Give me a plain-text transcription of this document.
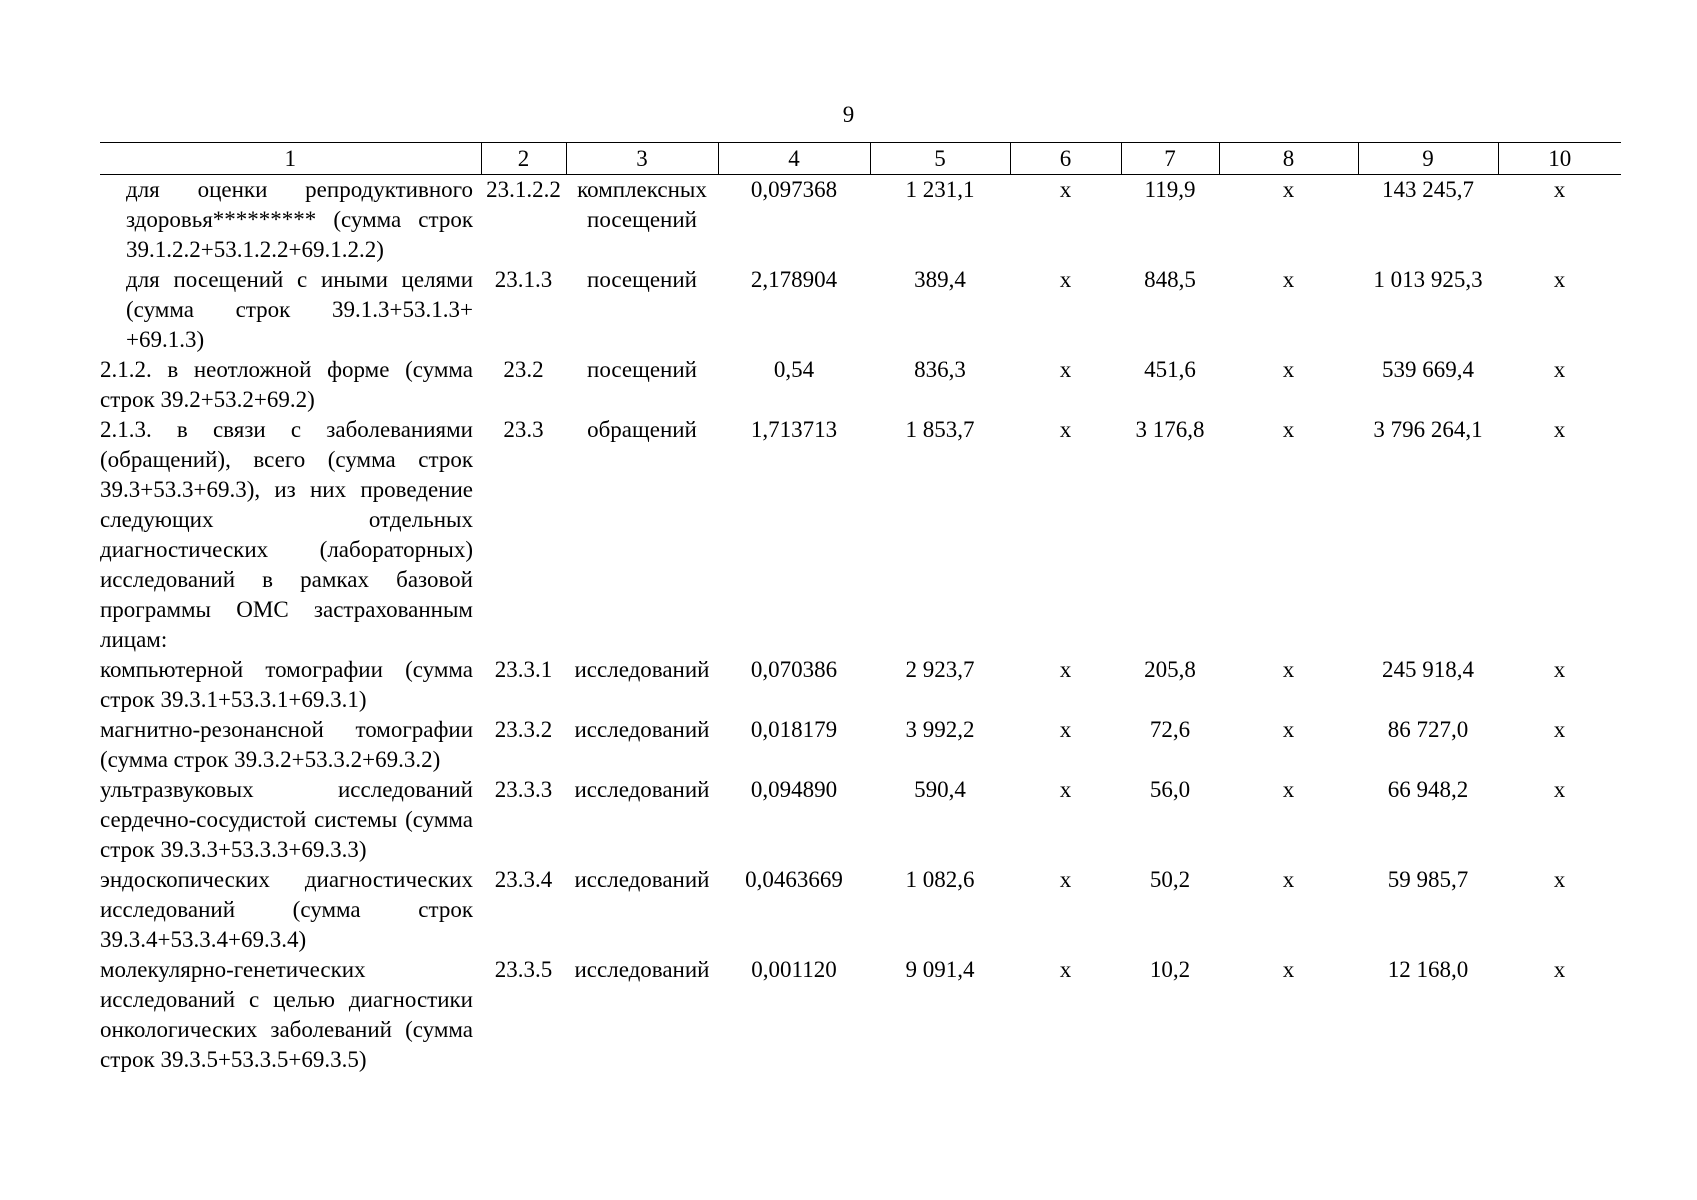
9
1	2	3	4	5	6	7	8	9	10
для оценки репродуктивного здоровья********* (сумма строк 39.1.2.2+53.1.2.2+69.1.2.2)	23.1.2.2	комплексных посещений	0,097368	1 231,1	х	119,9	х	143 245,7	х
для посещений с иными целями (сумма строк 39.1.3+53.1.3+ +69.1.3)	23.1.3	посещений	2,178904	389,4	х	848,5	х	1 013 925,3	х
2.1.2. в неотложной форме (сумма строк 39.2+53.2+69.2)	23.2	посещений	0,54	836,3	х	451,6	х	539 669,4	х
2.1.3. в связи с заболеваниями (обращений), всего (сумма строк 39.3+53.3+69.3), из них проведение следующих отдельных диагностических (лабораторных) исследований в рамках базовой программы ОМС застрахованным лицам:	23.3	обращений	1,713713	1 853,7	х	3 176,8	х	3 796 264,1	х
компьютерной томографии (сумма строк 39.3.1+53.3.1+69.3.1)	23.3.1	исследований	0,070386	2 923,7	х	205,8	х	245 918,4	х
магнитно-резонансной томографии (сумма строк 39.3.2+53.3.2+69.3.2)	23.3.2	исследований	0,018179	3 992,2	х	72,6	х	86 727,0	х
ультразвуковых исследований сердечно-сосудистой системы (сумма строк 39.3.3+53.3.3+69.3.3)	23.3.3	исследований	0,094890	590,4	х	56,0	х	66 948,2	х
эндоскопических диагностических исследований (сумма строк 39.3.4+53.3.4+69.3.4)	23.3.4	исследований	0,0463669	1 082,6	х	50,2	х	59 985,7	х
молекулярно-генетических исследований с целью диагностики онкологических заболеваний (сумма строк 39.3.5+53.3.5+69.3.5)	23.3.5	исследований	0,001120	9 091,4	х	10,2	х	12 168,0	х
